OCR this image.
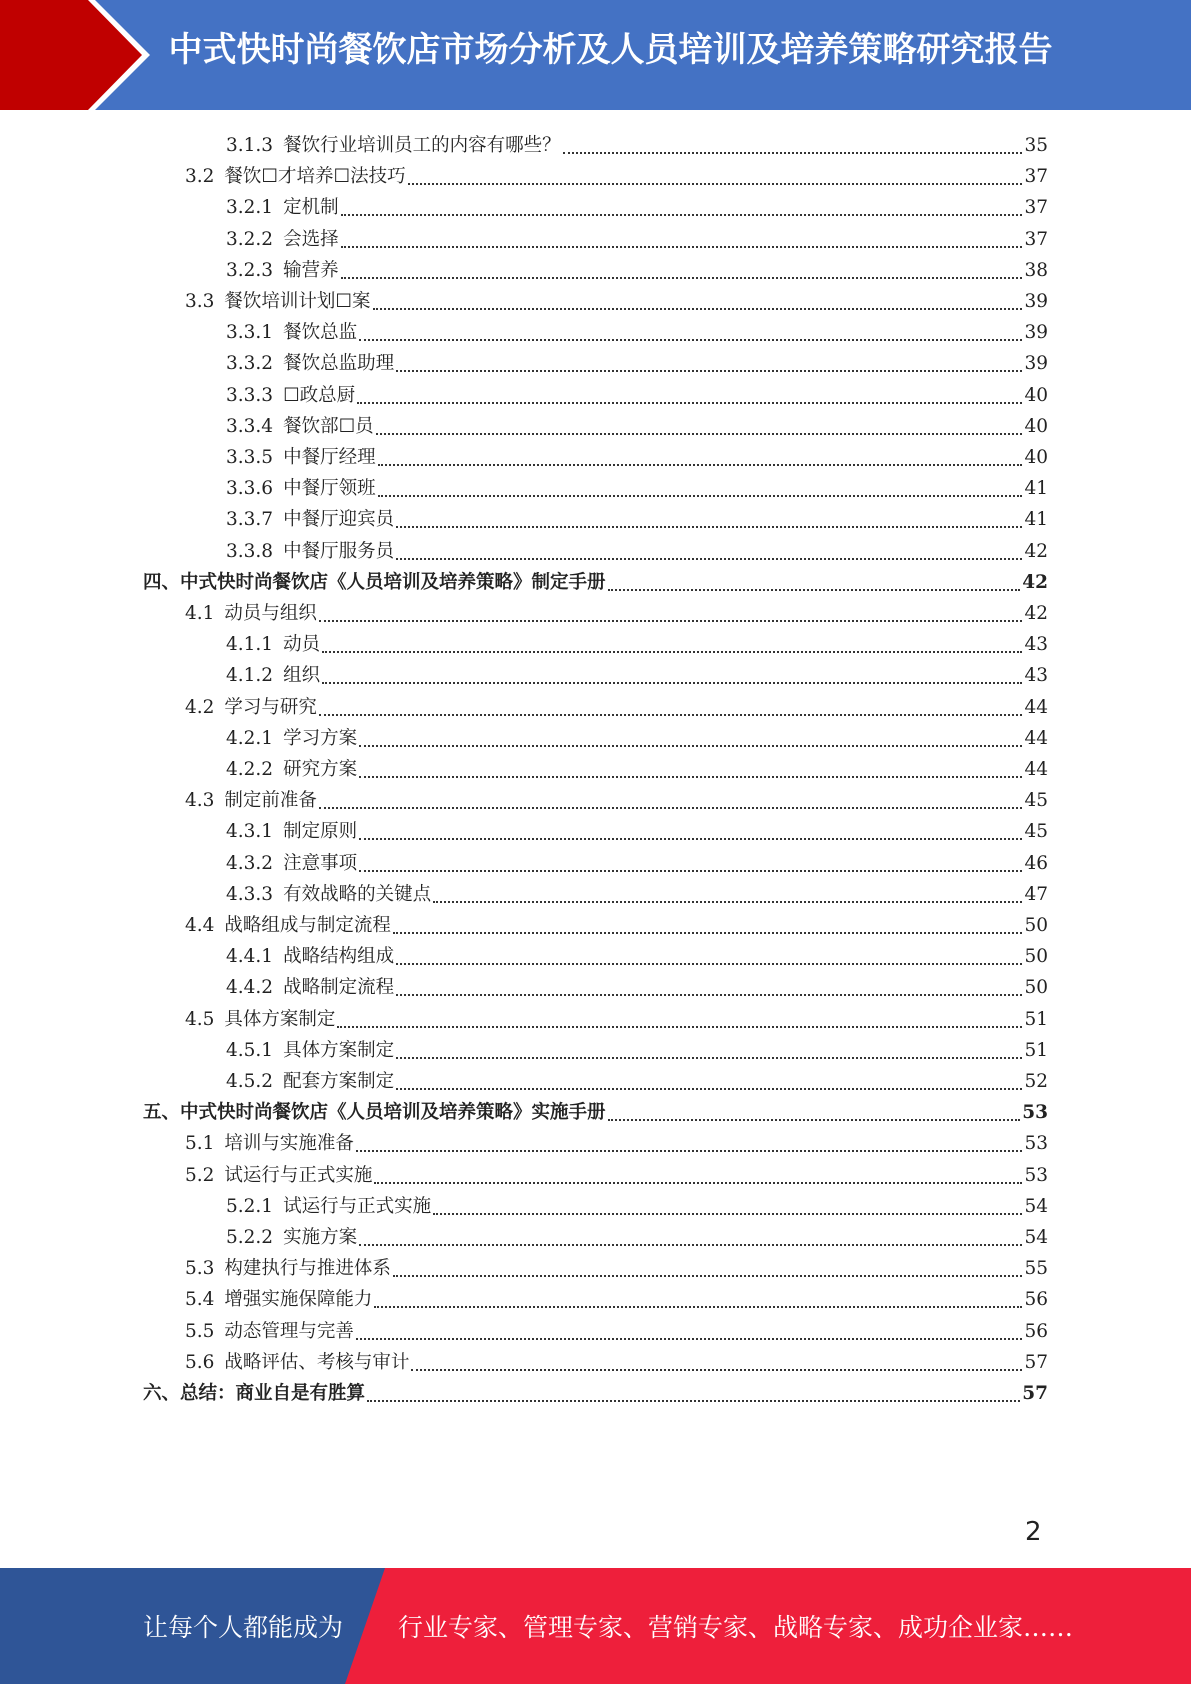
中式快时尚餐饮店市场分析及人员培训及培养策略研究报告
3.1.3 餐饮行业培训员工的内容有哪些？	35
3.2 餐饮☐才培养☐法技巧	37
3.2.1 定机制	37
3.2.2 会选择	37
3.2.3 输营养	38
3.3 餐饮培训计划☐案	39
3.3.1 餐饮总监	39
3.3.2 餐饮总监助理	39
3.3.3 ☐政总厨	40
3.3.4 餐饮部☐员	40
3.3.5 中餐厅经理	40
3.3.6 中餐厅领班	41
3.3.7 中餐厅迎宾员	41
3.3.8 中餐厅服务员	42
四、 中式快时尚餐饮店《人员培训及培养策略》制定手册	42
4.1 动员与组织	42
4.1.1 动员	43
4.1.2 组织	43
4.2 学习与研究	44
4.2.1 学习方案	44
4.2.2 研究方案	44
4.3 制定前准备	45
4.3.1 制定原则	45
4.3.2 注意事项	46
4.3.3 有效战略的关键点	47
4.4 战略组成与制定流程	50
4.4.1 战略结构组成	50
4.4.2 战略制定流程	50
4.5 具体方案制定	51
4.5.1 具体方案制定	51
4.5.2 配套方案制定	52
五、 中式快时尚餐饮店《人员培训及培养策略》实施手册	53
5.1 培训与实施准备	53
5.2 试运行与正式实施	53
5.2.1 试运行与正式实施	54
5.2.2 实施方案	54
5.3 构建执行与推进体系	55
5.4 增强实施保障能力	56
5.5 动态管理与完善	56
5.6 战略评估、考核与审计	57
六、 总结：商业自是有胜算	57
2
让每个人都能成为 行业专家、管理专家、营销专家、战略专家、成功企业家……
